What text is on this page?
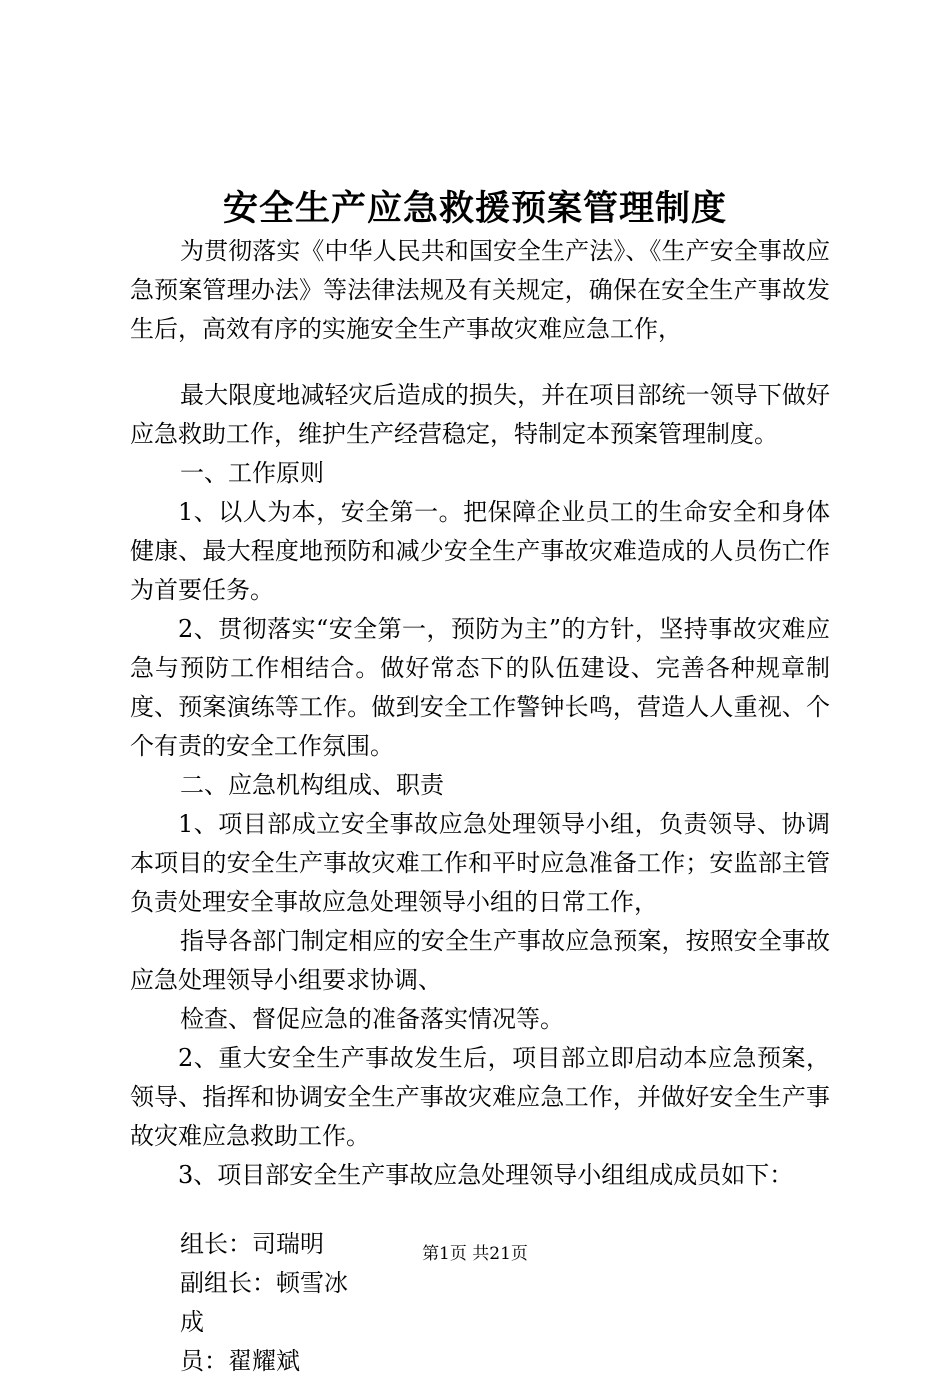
安全生产应急救援预案管理制度

为贯彻落实《中华人民共和国安全生产法》、《生产安全事故应急预案管理办法》等法律法规及有关规定，确保在安全生产事故发生后，高效有序的实施安全生产事故灾难应急工作，

最大限度地减轻灾后造成的损失，并在项目部统一领导下做好应急救助工作，维护生产经营稳定，特制定本预案管理制度。

一、工作原则

1、以人为本，安全第一。把保障企业员工的生命安全和身体健康、最大程度地预防和减少安全生产事故灾难造成的人员伤亡作为首要任务。

2、贯彻落实“安全第一，预防为主”的方针，坚持事故灾难应急与预防工作相结合。做好常态下的队伍建设、完善各种规章制度、预案演练等工作。做到安全工作警钟长鸣，营造人人重视、个个有责的安全工作氛围。

二、应急机构组成、职责

1、项目部成立安全事故应急处理领导小组，负责领导、协调本项目的安全生产事故灾难工作和平时应急准备工作；安监部主管负责处理安全事故应急处理领导小组的日常工作，

指导各部门制定相应的安全生产事故应急预案，按照安全事故应急处理领导小组要求协调、

检查、督促应急的准备落实情况等。

2、重大安全生产事故发生后，项目部立即启动本应急预案，领导、指挥和协调安全生产事故灾难应急工作，并做好安全生产事故灾难应急救助工作。

3、项目部安全生产事故应急处理领导小组组成成员如下：

组长：司瑞明

副组长：顿雪冰

成

员：翟耀斌

第1页 共21页
